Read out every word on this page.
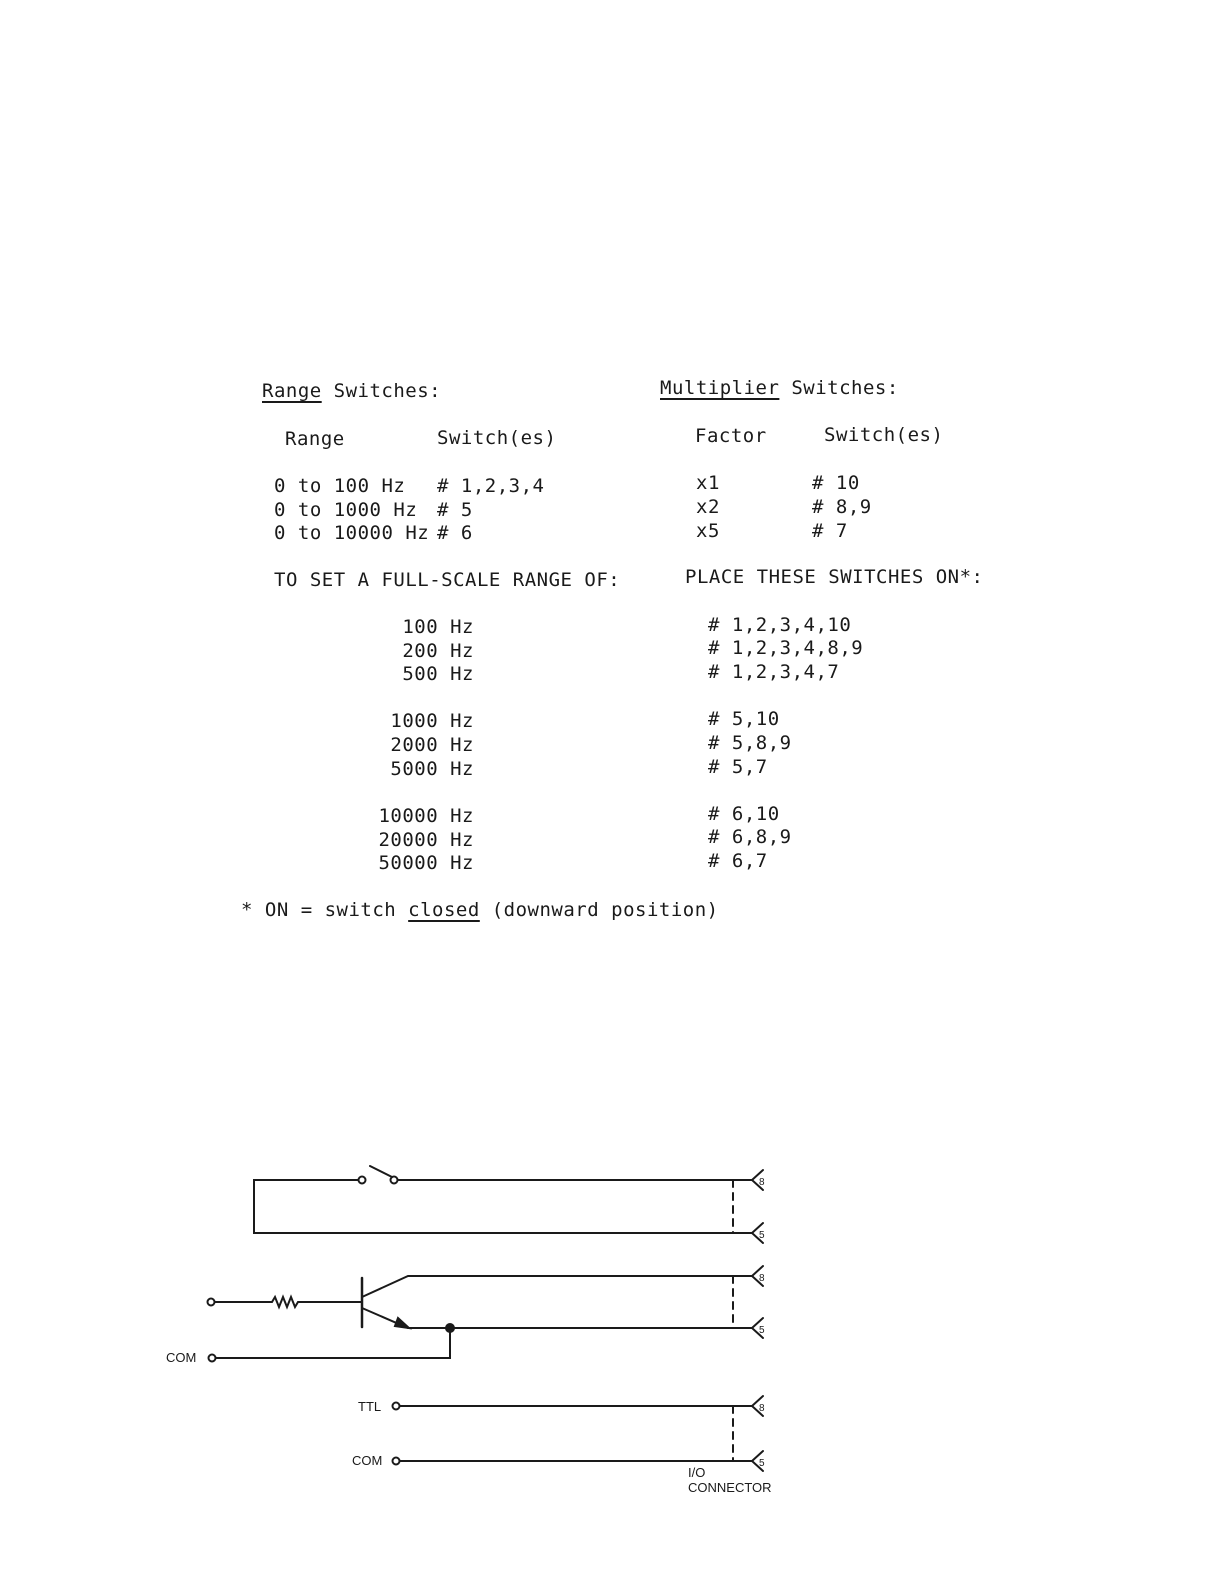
Range Switches:
Range	Switch(es)
0 to 100 Hz # 1,2,3,4
0 to 1000 Hz # 5
0 to 10000 Hz # 6
Multiplier Switches:
Factor	Switch(es)
x1	# 10
x2	# 8,9
x5	# 7
TO SET A FULL-SCALE RANGE OF:	PLACE THESE SWITCHES ON*:
100 Hz	# 1,2,3,4,10
200 Hz	# 1,2,3,4,8,9
500 Hz	# 1,2,3,4,7
1000 Hz	# 5,10
2000 Hz	# 5,8,9
5000 Hz	# 5,7
10000 Hz	# 6,10
20000 Hz	# 6,8,9
50000 Hz	# 6,7
* ON = switch closed (downward position)
8
5
8
5
8
5
COM
TTL
COM
I/O
CONNECTOR
